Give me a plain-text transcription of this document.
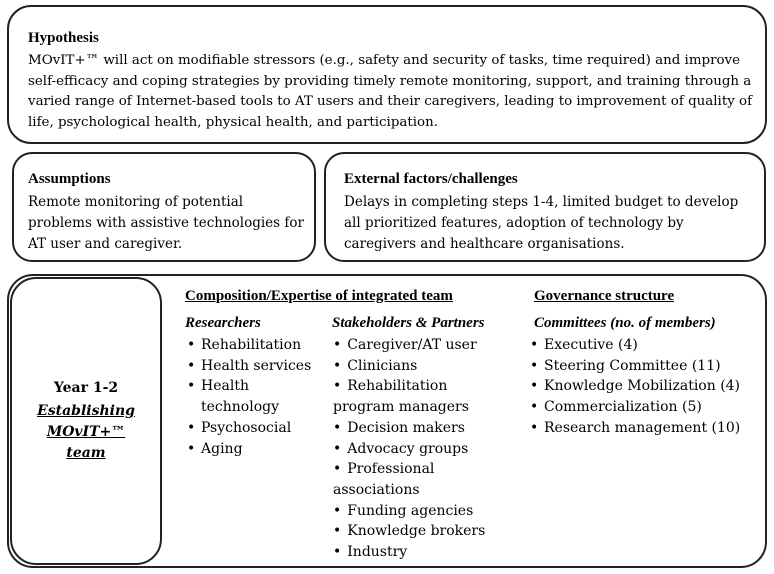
Hypothesis
MOvIT+™ will act on modifiable stressors (e.g., safety and security of tasks, time required) and improve self-efficacy and coping strategies by providing timely remote monitoring, support, and training through a varied range of Internet-based tools to AT users and their caregivers, leading to improvement of quality of life, psychological health, physical health, and participation.
Assumptions
Remote monitoring of potential problems with assistive technologies for AT user and caregiver.
External factors/challenges
Delays in completing steps 1-4, limited budget to develop all prioritized features, adoption of technology by caregivers and healthcare organisations.
Year 1-2
Establishing MOvIT+™ team
Composition/Expertise of integrated team
Researchers
• Rehabilitation
• Health services
• Health technology
• Psychosocial
• Aging
Stakeholders & Partners
• Caregiver/AT user
• Clinicians
• Rehabilitation program managers
• Decision makers
• Advocacy groups
• Professional associations
• Funding agencies
• Knowledge brokers
• Industry
Governance structure
Committees (no. of members)
• Executive (4)
• Steering Committee (11)
• Knowledge Mobilization (4)
• Commercialization (5)
• Research management (10)
